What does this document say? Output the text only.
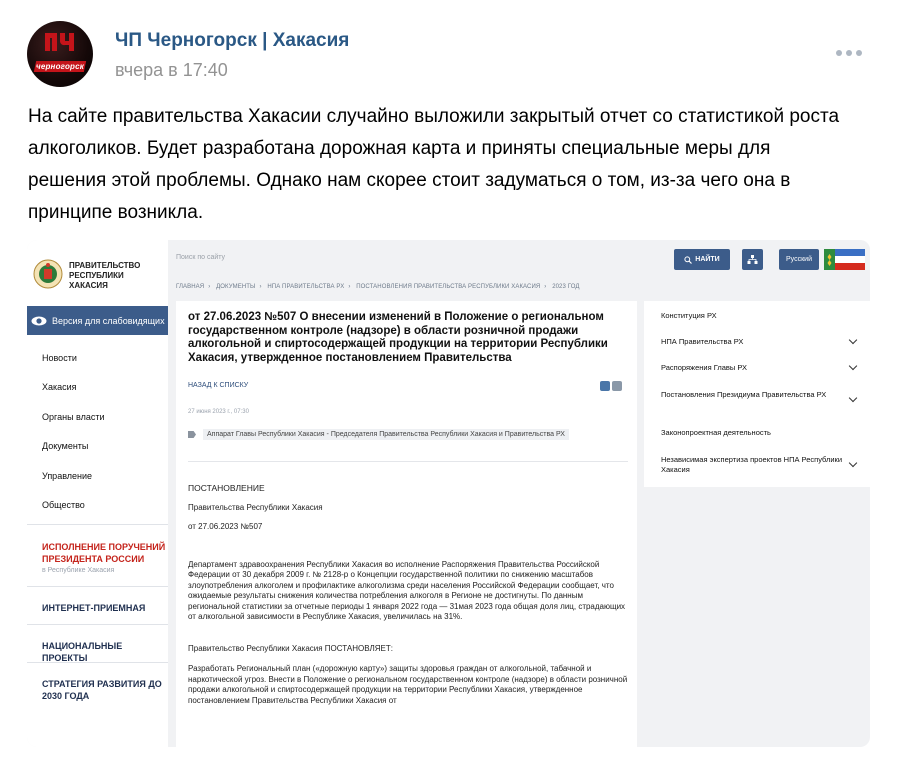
черногорск
ЧП Черногорск | Хакасия
вчера в 17:40
На сайте правительства Хакасии случайно выложили закрытый отчет со статистикой роста алкоголиков. Будет разработана дорожная карта и приняты специальные меры для решения этой проблемы. Однако нам скорее стоит задуматься о том, из-за чего она в принципе возникла.
ПРАВИТЕЛЬСТВО
РЕСПУБЛИКИ
ХАКАСИЯ
Версия для слабовидящих
Новости
Хакасия
Органы власти
Документы
Управление
Общество
ИСПОЛНЕНИЕ ПОРУЧЕНИЙ
ПРЕЗИДЕНТА РОССИИ
в Республике Хакасия
ИНТЕРНЕТ-ПРИЕМНАЯ
НАЦИОНАЛЬНЫЕ ПРОЕКТЫ
СТРАТЕГИЯ РАЗВИТИЯ ДО
2030 ГОДА
Поиск по сайту	НАЙТИ	Русский
ГЛАВНАЯ › ДОКУМЕНТЫ › НПА ПРАВИТЕЛЬСТВА РХ › ПОСТАНОВЛЕНИЯ ПРАВИТЕЛЬСТВА РЕСПУБЛИКИ ХАКАСИЯ › 2023 ГОД
от 27.06.2023 №507 О внесении изменений в Положение о региональном государственном контроле (надзоре) в области розничной продажи алкогольной и спиртосодержащей продукции на территории Республики Хакасия, утвержденное постановлением Правительства
НАЗАД К СПИСКУ
27 июня 2023 г., 07:30
Аппарат Главы Республики Хакасия - Председателя Правительства Республики Хакасия и Правительства РХ

ПОСТАНОВЛЕНИЕ

Правительства Республики Хакасия

от 27.06.2023 №507

Департамент здравоохранения Республики Хакасия во исполнение Распоряжения Правительства Российской Федерации от 30 декабря 2009 г. № 2128-р о Концепции государственной политики по снижению масштабов злоупотребления алкоголем и профилактике алкоголизма среди населения Российской Федерации сообщает, что ожидаемые результаты снижения количества потребления алкоголя в Регионе не достигнуты. По данным региональной статистики за отчетные периоды 1 января 2022 года — 31мая 2023 года общая доля лиц, страдающих от алкогольной зависимости в Республике Хакасия, увеличилась на 31%.

Правительство Республики Хакасия ПОСТАНОВЛЯЕТ:

Разработать Региональный план («дорожную карту») защиты здоровья граждан от алкогольной, табачной и наркотической угроз. Внести в Положение о региональном государственном контроле (надзоре) в области розничной продажи алкогольной и спиртосодержащей продукции на территории Республики Хакасия, утвержденное постановлением Правительства Республики Хакасия от

Конституция РХ
НПА Правительства РХ
Распоряжения Главы РХ
Постановления Президиума Правительства РХ
Законопроектная деятельность
Независимая экспертиза проектов НПА Республики Хакасия
